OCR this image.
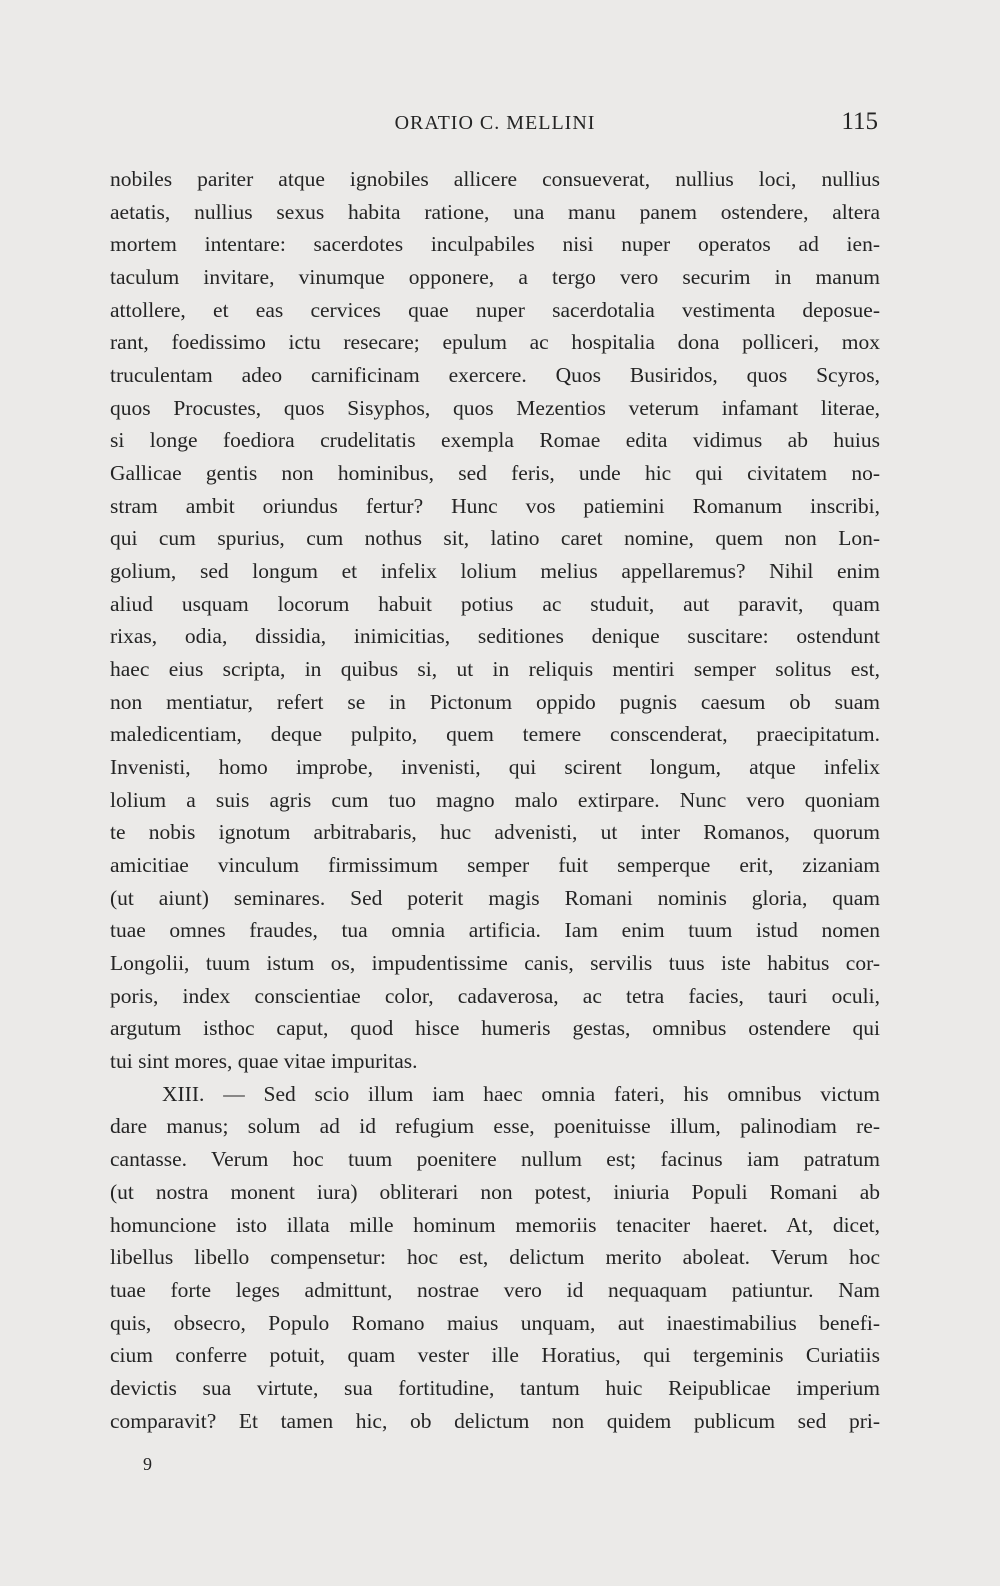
ORATIO C. MELLINI	115
nobiles pariter atque ignobiles allicere consueverat, nullius loci, nullius
aetatis, nullius sexus habita ratione, una manu panem ostendere, altera
mortem intentare: sacerdotes inculpabiles nisi nuper operatos ad ien-
taculum invitare, vinumque opponere, a tergo vero securim in manum
attollere, et eas cervices quae nuper sacerdotalia vestimenta deposue-
rant, foedissimo ictu resecare; epulum ac hospitalia dona polliceri, mox
truculentam adeo carnificinam exercere. Quos Busiridos, quos Scyros,
quos Procustes, quos Sisyphos, quos Mezentios veterum infamant literae,
si longe foediora crudelitatis exempla Romae edita vidimus ab huius
Gallicae gentis non hominibus, sed feris, unde hic qui civitatem no-
stram ambit oriundus fertur? Hunc vos patiemini Romanum inscribi,
qui cum spurius, cum nothus sit, latino caret nomine, quem non Lon-
golium, sed longum et infelix lolium melius appellaremus? Nihil enim
aliud usquam locorum habuit potius ac studuit, aut paravit, quam
rixas, odia, dissidia, inimicitias, seditiones denique suscitare: ostendunt
haec eius scripta, in quibus si, ut in reliquis mentiri semper solitus est,
non mentiatur, refert se in Pictonum oppido pugnis caesum ob suam
maledicentiam, deque pulpito, quem temere conscenderat, praecipitatum.
Invenisti, homo improbe, invenisti, qui scirent longum, atque infelix
lolium a suis agris cum tuo magno malo extirpare. Nunc vero quoniam
te nobis ignotum arbitrabaris, huc advenisti, ut inter Romanos, quorum
amicitiae vinculum firmissimum semper fuit semperque erit, zizaniam
(ut aiunt) seminares. Sed poterit magis Romani nominis gloria, quam
tuae omnes fraudes, tua omnia artificia. Iam enim tuum istud nomen
Longolii, tuum istum os, impudentissime canis, servilis tuus iste habitus cor-
poris, index conscientiae color, cadaverosa, ac tetra facies, tauri oculi,
argutum isthoc caput, quod hisce humeris gestas, omnibus ostendere qui
tui sint mores, quae vitae impuritas.
XIII. — Sed scio illum iam haec omnia fateri, his omnibus victum
dare manus; solum ad id refugium esse, poenituisse illum, palinodiam re-
cantasse. Verum hoc tuum poenitere nullum est; facinus iam patratum
(ut nostra monent iura) obliterari non potest, iniuria Populi Romani ab
homuncione isto illata mille hominum memoriis tenaciter haeret. At, dicet,
libellus libello compensetur: hoc est, delictum merito aboleat. Verum hoc
tuae forte leges admittunt, nostrae vero id nequaquam patiuntur. Nam
quis, obsecro, Populo Romano maius unquam, aut inaestimabilius benefi-
cium conferre potuit, quam vester ille Horatius, qui tergeminis Curiatiis
devictis sua virtute, sua fortitudine, tantum huic Reipublicae imperium
comparavit? Et tamen hic, ob delictum non quidem publicum sed pri-
9
